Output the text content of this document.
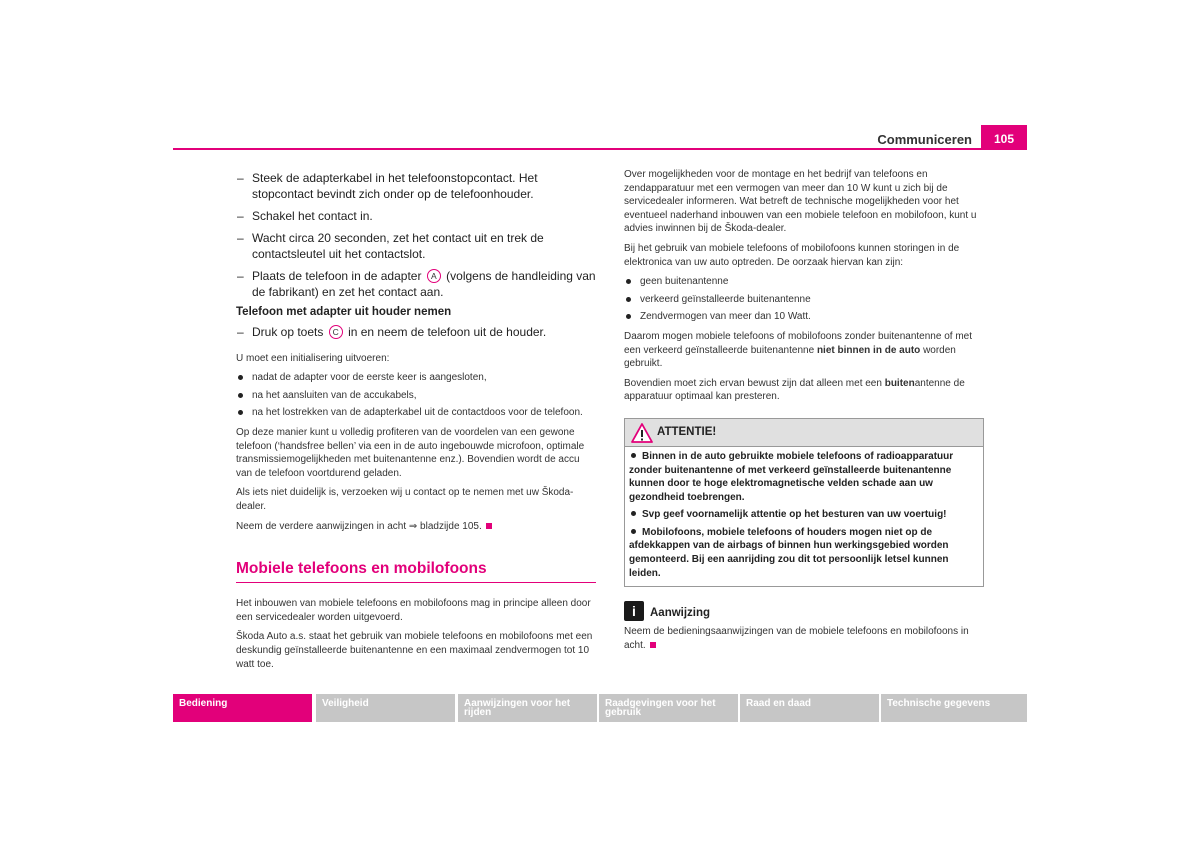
Communiceren	105
– Steek de adapterkabel in het telefoonstopcontact. Het stopcontact bevindt zich onder op de telefoonhouder.
– Schakel het contact in.
– Wacht circa 20 seconden, zet het contact uit en trek de contactsleutel uit het contactslot.
– Plaats de telefoon in de adapter A (volgens de handleiding van de fabrikant) en zet het contact aan.
Telefoon met adapter uit houder nemen
– Druk op toets C in en neem de telefoon uit de houder.

U moet een initialisering uitvoeren:

nadat de adapter voor de eerste keer is aangesloten,
na het aansluiten van de accukabels,
na het lostrekken van de adapterkabel uit de contactdoos voor de telefoon.

Op deze manier kunt u volledig profiteren van de voordelen van een gewone telefoon (‘handsfree bellen’ via een in de auto ingebouwde microfoon, optimale transmissiemogelijkheden met buitenantenne enz.). Bovendien wordt de accu van de telefoon voortdurend geladen.

Als iets niet duidelijk is, verzoeken wij u contact op te nemen met uw Škoda-dealer.

Neem de verdere aanwijzingen in acht ⇒ bladzijde 105.

Mobiele telefoons en mobilofoons

Het inbouwen van mobiele telefoons en mobilofoons mag in principe alleen door een servicedealer worden uitgevoerd.

Škoda Auto a.s. staat het gebruik van mobiele telefoons en mobilofoons met een deskundig geïnstalleerde buitenantenne en een maximaal zendvermogen tot 10 watt toe.

Over mogelijkheden voor de montage en het bedrijf van telefoons en zendapparatuur met een vermogen van meer dan 10 W kunt u zich bij de servicedealer informeren. Wat betreft de technische mogelijkheden voor het eventueel naderhand inbouwen van een mobiele telefoon en mobilofoon, kunt u advies inwinnen bij de Škoda-dealer.

Bij het gebruik van mobiele telefoons of mobilofoons kunnen storingen in de elektronica van uw auto optreden. De oorzaak hiervan kan zijn:

geen buitenantenne
verkeerd geïnstalleerde buitenantenne
Zendvermogen van meer dan 10 Watt.

Daarom mogen mobiele telefoons of mobilofoons zonder buitenantenne of met een verkeerd geïnstalleerde buitenantenne niet binnen in de auto worden gebruikt.

Bovendien moet zich ervan bewust zijn dat alleen met een buitenantenne de apparatuur optimaal kan presteren.

ATTENTIE!
Binnen in de auto gebruikte mobiele telefoons of radioapparatuur zonder buitenantenne of met verkeerd geïnstalleerde buitenantenne kunnen door te hoge elektromagnetische velden schade aan uw gezondheid toebrengen.
Svp geef voornamelijk attentie op het besturen van uw voertuig!
Mobilofoons, mobiele telefoons of houders mogen niet op de afdekkappen van de airbags of binnen hun werkingsgebied worden gemonteerd. Bij een aanrijding zou dit tot persoonlijk letsel kunnen leiden.
i	Aanwijzing

Neem de bedieningsaanwijzingen van de mobiele telefoons en mobilofoons in acht.

Bediening	Veiligheid	Aanwijzingen voor het rijden
Raadgevingen voor het gebruik
Raad en daad	Technische gegevens
